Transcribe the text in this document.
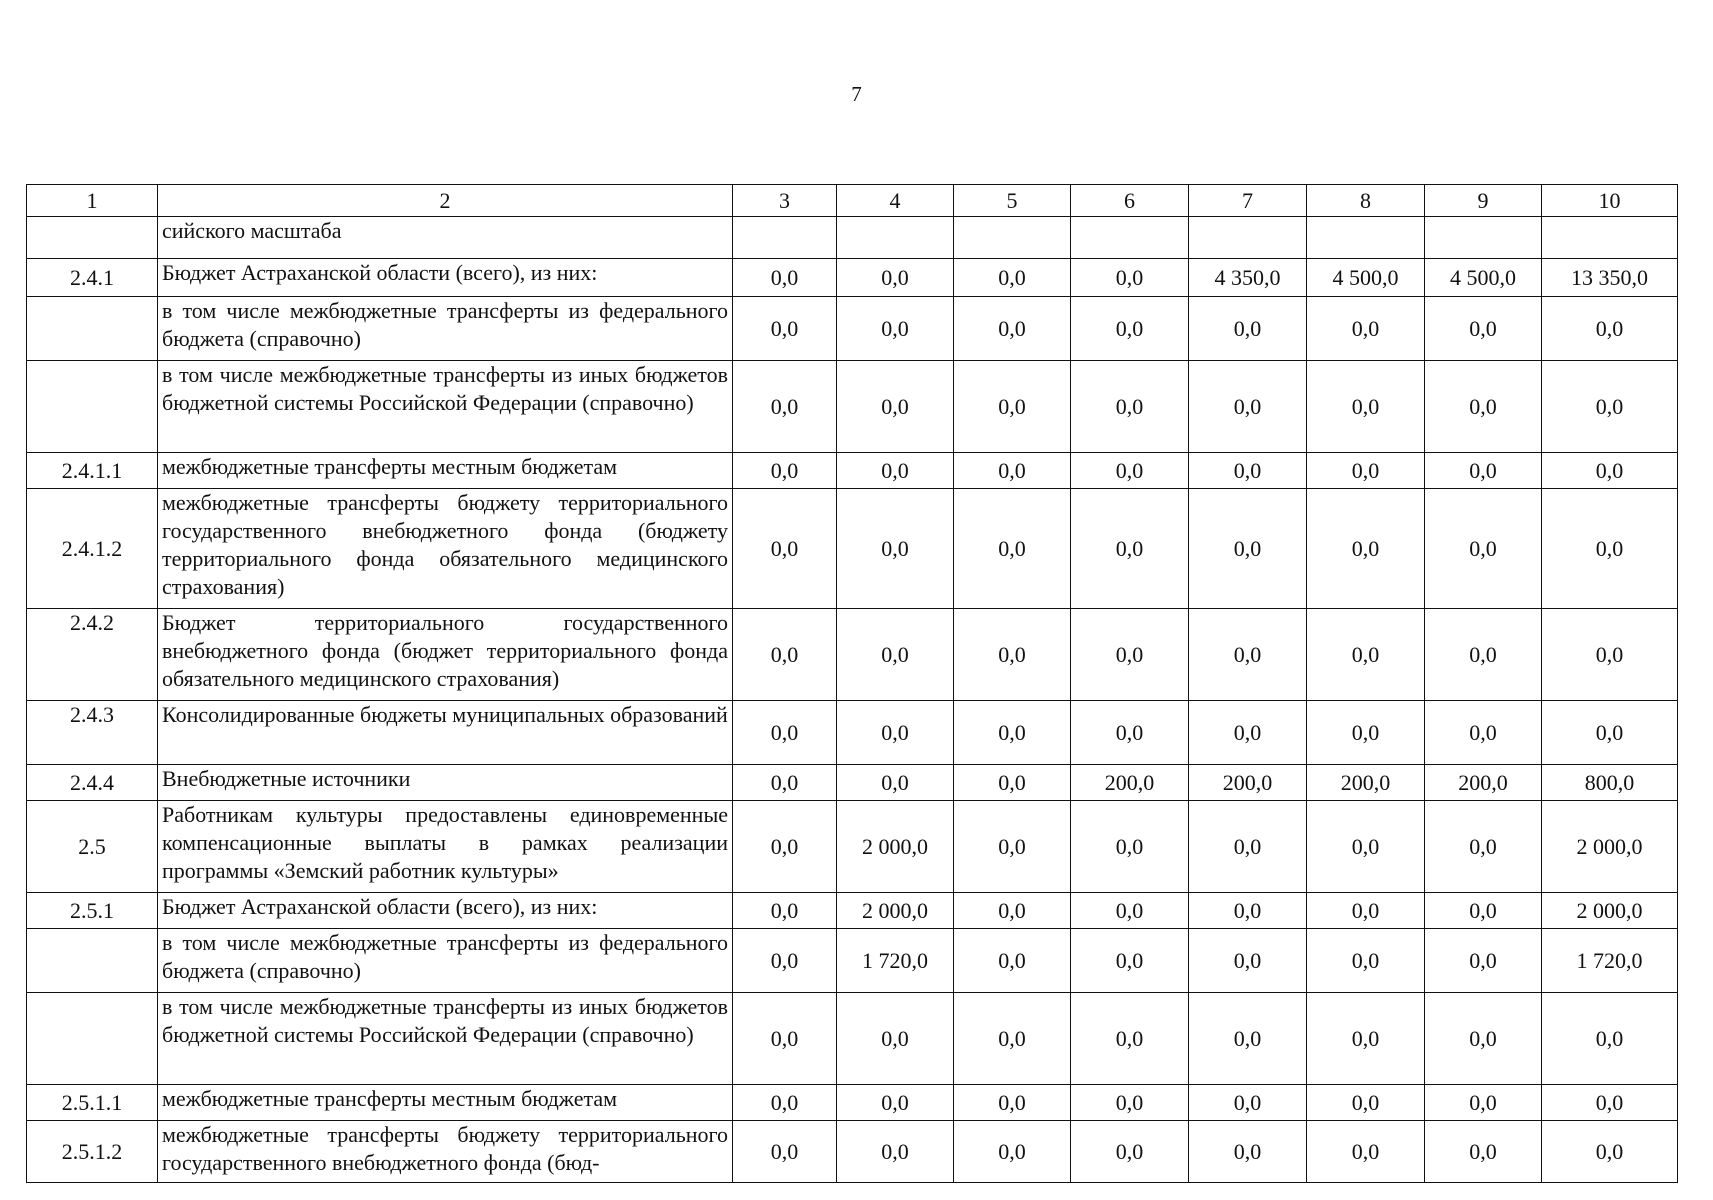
7
1	2	3	4	5	6	7	8	9	10
	сийского масштаба								
2.4.1	Бюджет Астраханской области (всего), из них:	0,0	0,0	0,0	0,0	4 350,0	4 500,0	4 500,0	13 350,0
	в том числе межбюджетные трансферты из федерального бюджета (справочно)	0,0	0,0	0,0	0,0	0,0	0,0	0,0	0,0
	в том числе межбюджетные трансферты из иных бюджетов бюджетной системы Российской Федерации (справочно)	0,0	0,0	0,0	0,0	0,0	0,0	0,0	0,0
2.4.1.1	межбюджетные трансферты местным бюджетам	0,0	0,0	0,0	0,0	0,0	0,0	0,0	0,0
2.4.1.2	межбюджетные трансферты бюджету территориального государственного внебюджетного фонда (бюджету территориального фонда обязательного медицинского страхования)	0,0	0,0	0,0	0,0	0,0	0,0	0,0	0,0
2.4.2	Бюджет территориального государственного внебюджетного фонда (бюджет территориального фонда обязательного медицинского страхования)	0,0	0,0	0,0	0,0	0,0	0,0	0,0	0,0
2.4.3	Консолидированные бюджеты муниципальных образований	0,0	0,0	0,0	0,0	0,0	0,0	0,0	0,0
2.4.4	Внебюджетные источники	0,0	0,0	0,0	200,0	200,0	200,0	200,0	800,0
2.5	Работникам культуры предоставлены единовременные компенсационные выплаты в рамках реализации программы «Земский работник культуры»	0,0	2 000,0	0,0	0,0	0,0	0,0	0,0	2 000,0
2.5.1	Бюджет Астраханской области (всего), из них:	0,0	2 000,0	0,0	0,0	0,0	0,0	0,0	2 000,0
	в том числе межбюджетные трансферты из федерального бюджета (справочно)	0,0	1 720,0	0,0	0,0	0,0	0,0	0,0	1 720,0
	в том числе межбюджетные трансферты из иных бюджетов бюджетной системы Российской Федерации (справочно)	0,0	0,0	0,0	0,0	0,0	0,0	0,0	0,0
2.5.1.1	межбюджетные трансферты местным бюджетам	0,0	0,0	0,0	0,0	0,0	0,0	0,0	0,0
2.5.1.2	межбюджетные трансферты бюджету территориального государственного внебюджетного фонда (бюд-	0,0	0,0	0,0	0,0	0,0	0,0	0,0	0,0
